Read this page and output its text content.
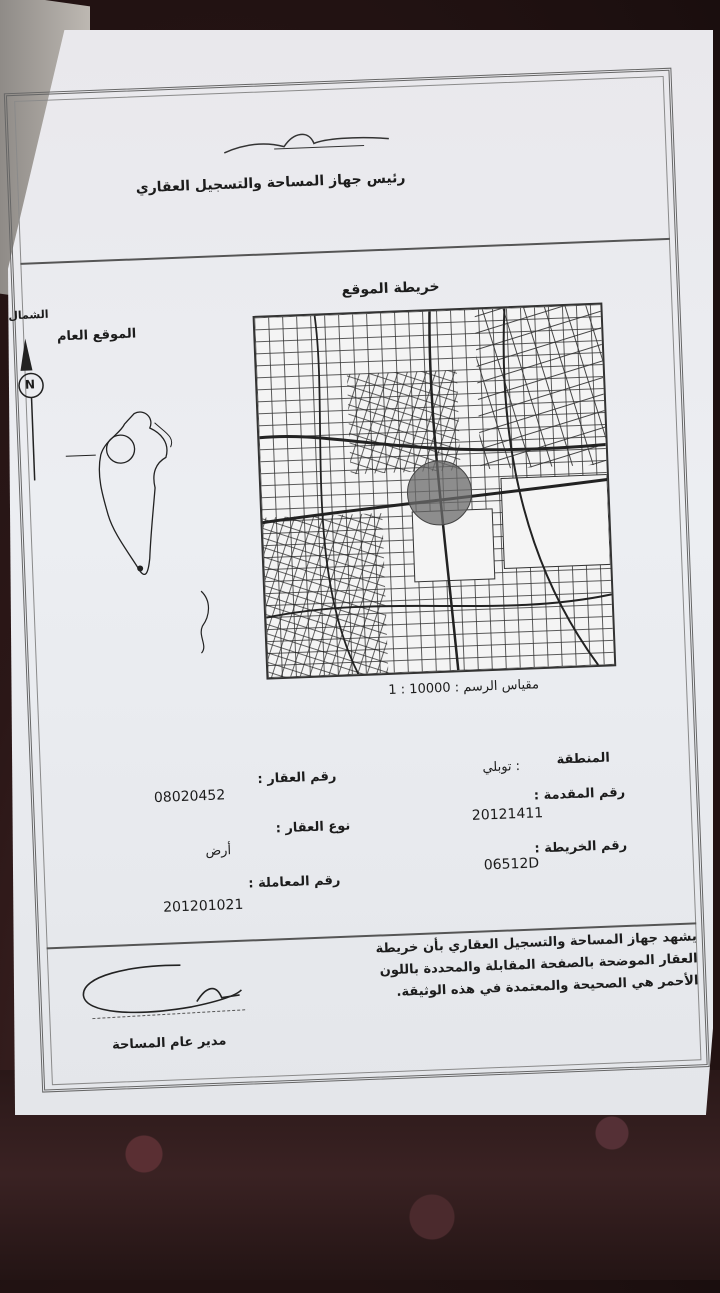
رئيس جهاز المساحة والتسجيل العقاري
خريطة الموقع
الشمال
N
الموقع العام
مقياس الرسم : 10000 : 1
المنطقة
: توبلي
رقم العقار :
08020452	رقم المقدمة :
20121411
نوع العقار :
أرض	رقم الخريطة :
06512D
رقم المعاملة :
201201021
يشهد جهاز المساحة والتسجيل العقاري بأن خريطة
العقار الموضحة بالصفحة المقابلة والمحددة باللون
الأحمر هي الصحيحة والمعتمدة في هذه الوثيقة.
مدير عام المساحة
